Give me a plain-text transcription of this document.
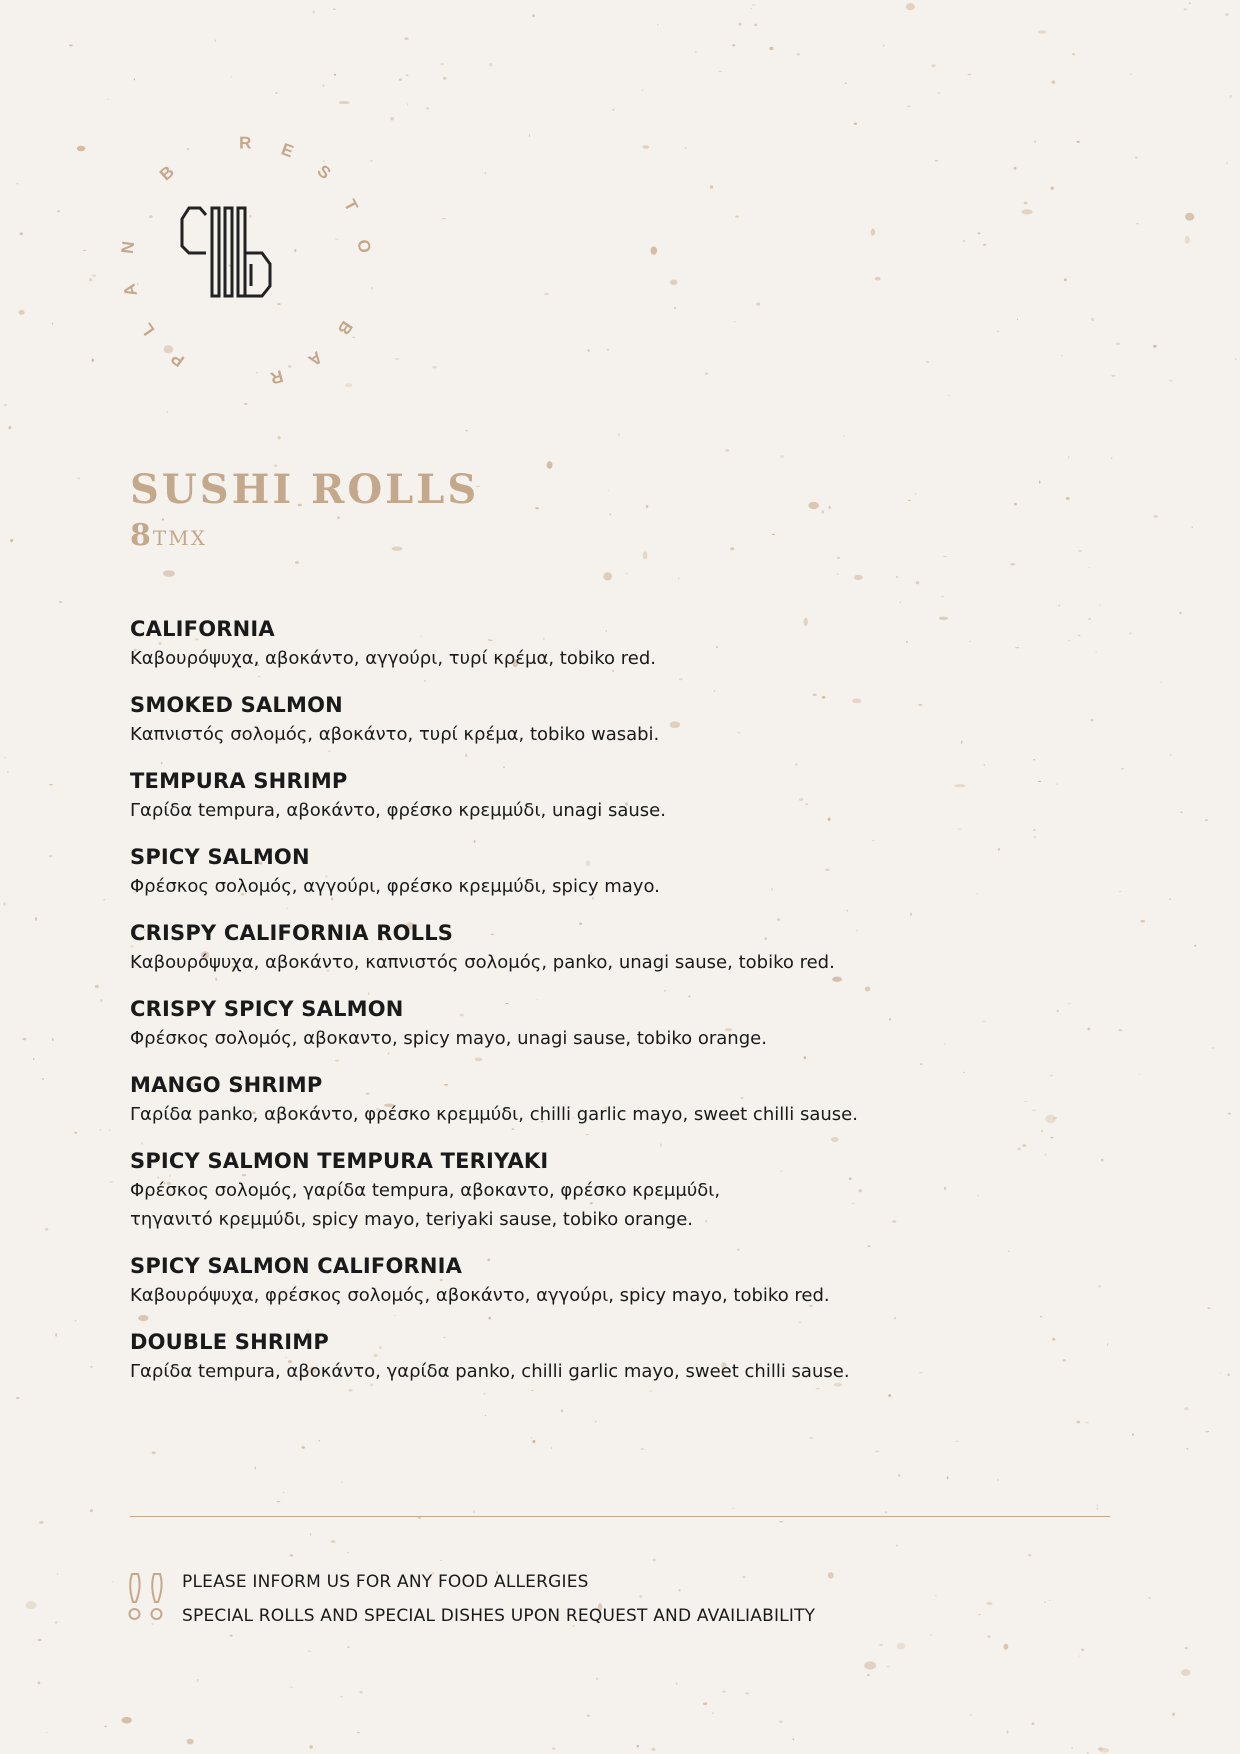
P
L
A
N
B
R E
S
T
O
B
A
R
SUSHI ROLLS
8 TMX
CALIFORNIA
Καβουρόψυχα, αβοκάντο, αγγούρι, τυρί κρέμα, tobiko red.
SMOKED SALMON
Καπνιστός σολομός, αβοκάντο, τυρί κρέμα, tobiko wasabi.
TEMPURA SHRIMP
Γαρίδα tempura, αβοκάντο, φρέσκο κρεμμύδι, unagi sause.
SPICY SALMON
Φρέσκος σολομός, αγγούρι, φρέσκο κρεμμύδι, spicy mayo.
CRISPY CALIFORNIA ROLLS
Καβουρόψυχα, αβοκάντο, καπνιστός σολομός, panko, unagi sause, tobiko red.
CRISPY SPICY SALMON
Φρέσκος σολομός, αβοκαντο, spicy mayo, unagi sause, tobiko orange.
MANGO SHRIMP
Γαρίδα panko, αβοκάντο, φρέσκο κρεμμύδι, chilli garlic mayo, sweet chilli sause.
SPICY SALMON TEMPURA TERIYAKI
Φρέσκος σολομός, γαρίδα tempura, αβοκαντο, φρέσκο κρεμμύδι,
τηγανιτό κρεμμύδι, spicy mayo, teriyaki sause, tobiko orange.
SPICY SALMON CALIFORNIA
Καβουρόψυχα, φρέσκος σολομός, αβοκάντο, αγγούρι, spicy mayo, tobiko red.
DOUBLE SHRIMP
Γαρίδα tempura, αβοκάντο, γαρίδα panko, chilli garlic mayo, sweet chilli sause.
PLEASE INFORM US FOR ANY FOOD ALLERGIES
SPECIAL ROLLS AND SPECIAL DISHES UPON REQUEST AND AVAILIABILITY
